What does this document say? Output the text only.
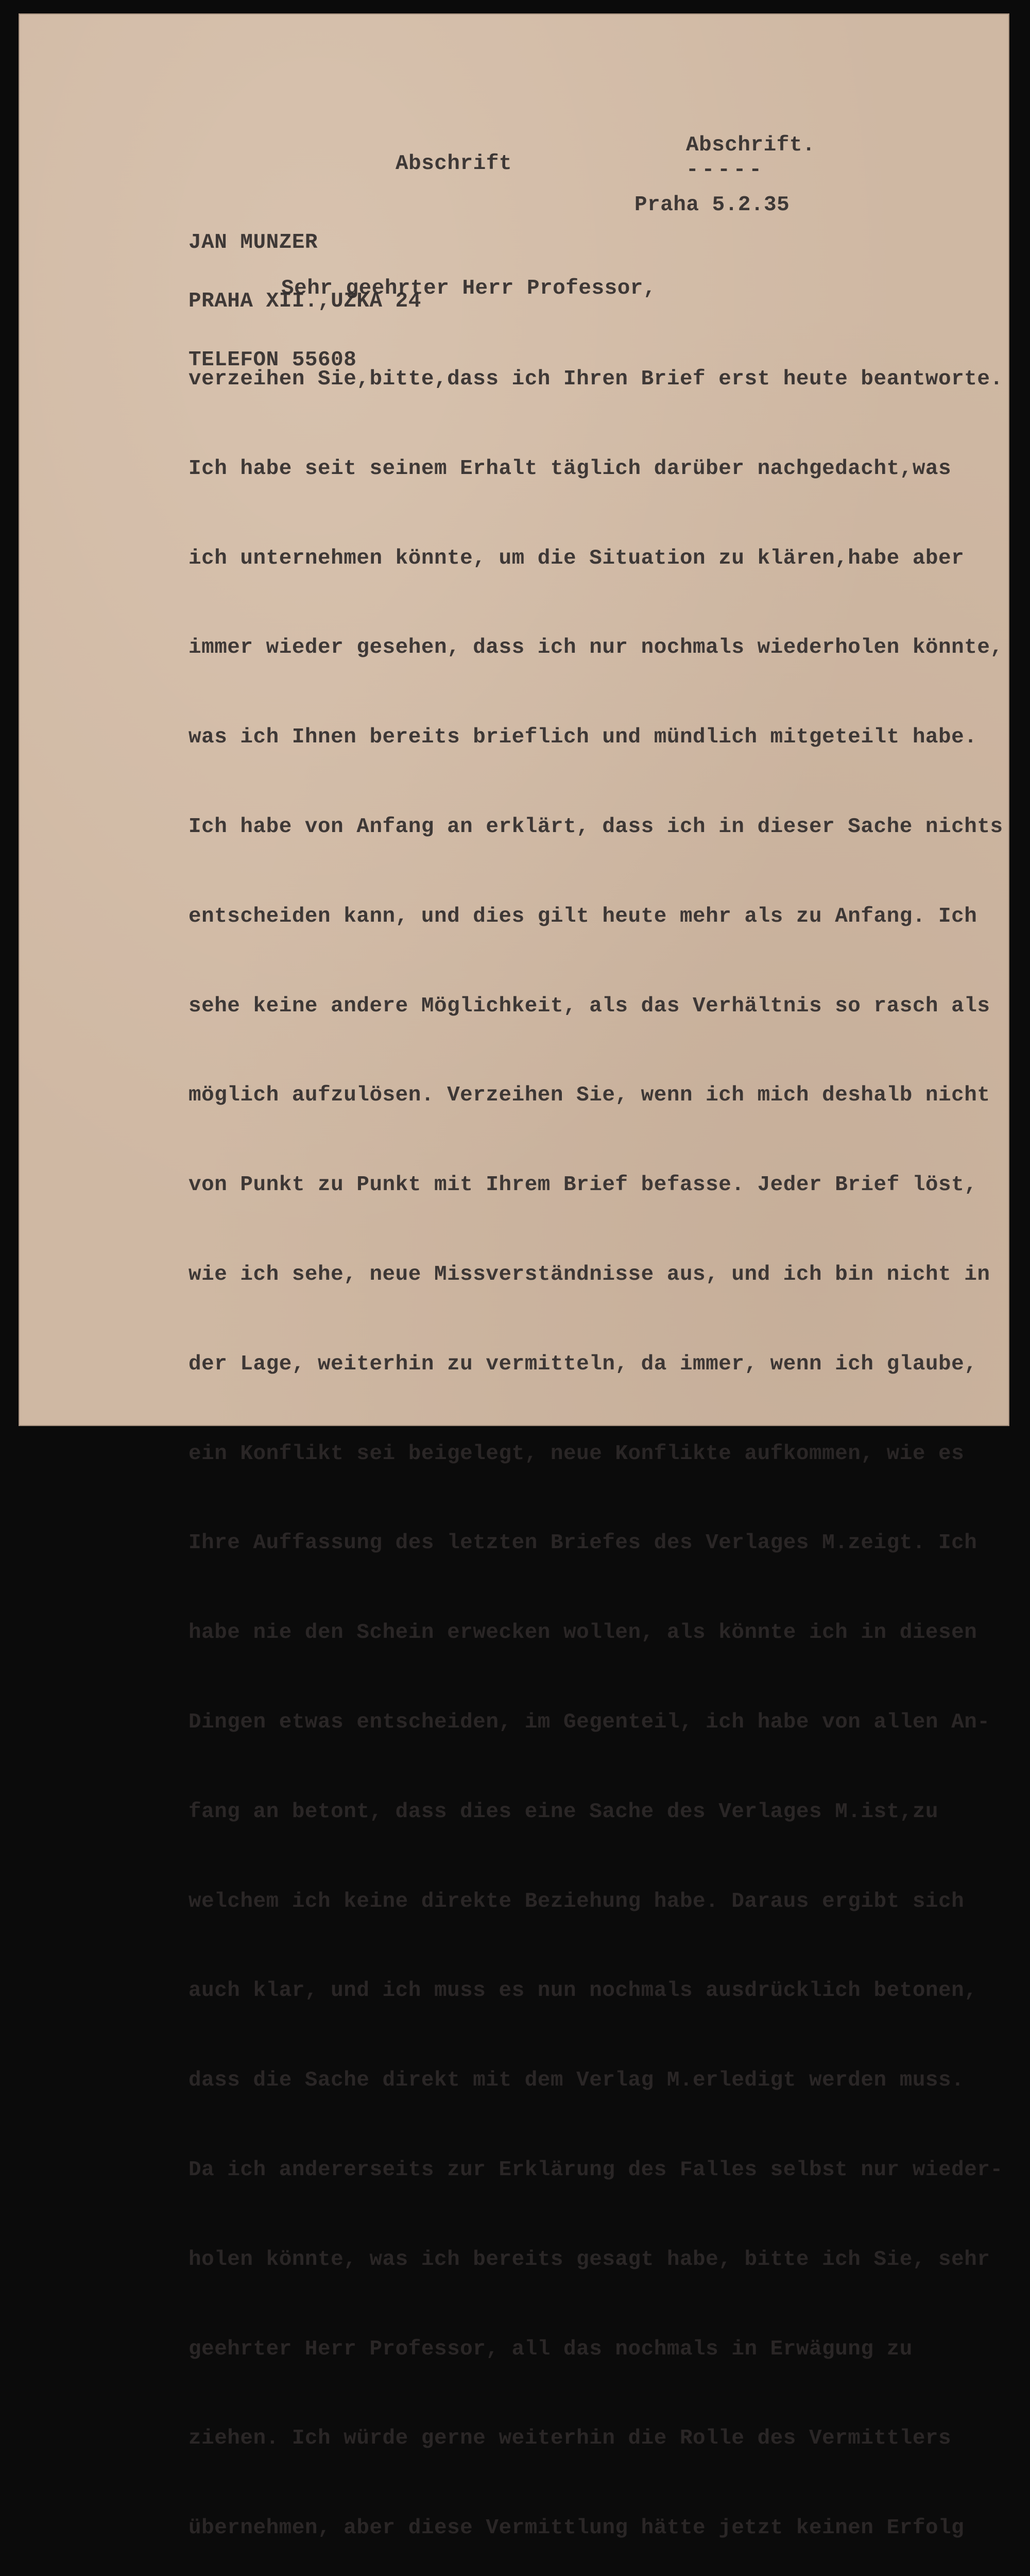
Abschrift
Abschrift.
-----
Praha 5.2.35

JAN MUNZER

PRAHA XII.,UZKA 24

TELEFON 55608

Sehr geehrter Herr Professor,

verzeihen Sie,bitte,dass ich Ihren Brief erst heute beantworte.

Ich habe seit seinem Erhalt täglich darüber nachgedacht,was

ich unternehmen könnte, um die Situation zu klären,habe aber

immer wieder gesehen, dass ich nur nochmals wiederholen könnte,

was ich Ihnen bereits brieflich und mündlich mitgeteilt habe.

Ich habe von Anfang an erklärt, dass ich in dieser Sache nichts

entscheiden kann, und dies gilt heute mehr als zu Anfang. Ich

sehe keine andere Möglichkeit, als das Verhältnis so rasch als

möglich aufzulösen. Verzeihen Sie, wenn ich mich deshalb nicht

von Punkt zu Punkt mit Ihrem Brief befasse. Jeder Brief löst,

wie ich sehe, neue Missverständnisse aus, und ich bin nicht in

der Lage, weiterhin zu vermitteln, da immer, wenn ich glaube,

ein Konflikt sei beigelegt, neue Konflikte aufkommen, wie es

Ihre Auffassung des letzten Briefes des Verlages M.zeigt. Ich

habe nie den Schein erwecken wollen, als könnte ich in diesen

Dingen etwas entscheiden, im Gegenteil, ich habe von allen An-

fang an betont, dass dies eine Sache des Verlages M.ist,zu

welchem ich keine direkte Beziehung habe. Daraus ergibt sich

auch klar, und ich muss es nun nochmals ausdrücklich betonen,

dass die Sache direkt mit dem Verlag M.erledigt werden muss.

Da ich andererseits zur Erklärung des Falles selbst nur wieder-

holen könnte, was ich bereits gesagt habe, bitte ich Sie, sehr

geehrter Herr Professor, all das nochmals in Erwägung zu

ziehen. Ich würde gerne weiterhin die Rolle des Vermittlers

übernehmen, aber diese Vermittlung hätte jetzt keinen Erfolg
